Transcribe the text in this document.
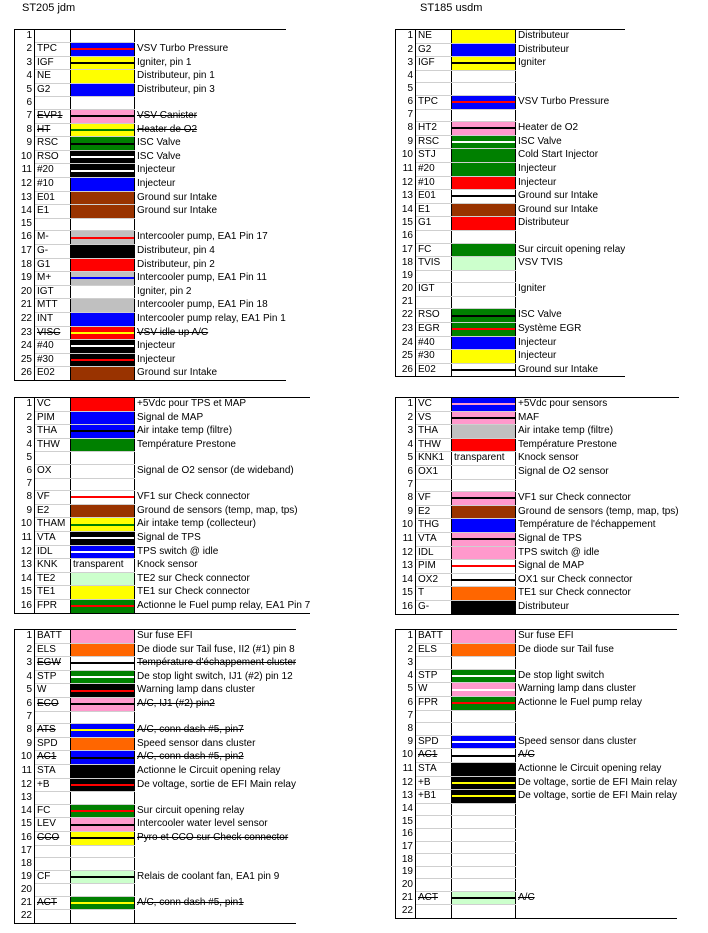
ST205 jdm	ST185 usdm
1			
2	TPC		VSV Turbo Pressure
3	IGF		Igniter, pin 1
4	NE		Distributeur, pin 1
5	G2		Distributeur, pin 3
6			
7	EVP1		VSV Canister
8	HT		Heater de O2
9	RSC		ISC Valve
10	RSO		ISC Valve
11	#20		Injecteur
12	#10		Injecteur
13	E01		Ground sur Intake
14	E1		Ground sur Intake
15			
16	M-		Intercooler pump, EA1 Pin 17
17	G-		Distributeur, pin 4
18	G1		Distributeur, pin 2
19	M+		Intercooler pump, EA1 Pin 11
20	IGT		Igniter, pin 2
21	MTT		Intercooler pump, EA1 Pin 18
22	INT		Intercooler pump relay, EA1 Pin 1
23	VISC		VSV idle up A/C
24	#40		Injecteur
25	#30		Injecteur
26	E02		Ground sur Intake
1	VC		+5Vdc pour TPS et MAP
2	PIM		Signal de MAP
3	THA		Air intake temp (filtre)
4	THW		Température Prestone
5			
6	OX		Signal de O2 sensor (de wideband)
7			
8	VF		VF1 sur Check connector
9	E2		Ground de sensors (temp, map, tps)
10	THAM		Air intake temp (collecteur)
11	VTA		Signal de TPS
12	IDL		TPS switch @ idle
13	KNK	transparent	Knock sensor
14	TE2		TE2 sur Check connector
15	TE1		TE1 sur Check connector
16	FPR		Actionne le Fuel pump relay, EA1 Pin 7
1	BATT		Sur fuse EFI
2	ELS		De diode sur Tail fuse, II2 (#1) pin 8
3	EGW		Température d'échappement cluster
4	STP		De stop light switch, IJ1 (#2) pin 12
5	W		Warning lamp dans cluster
6	ECO		A/C, IJ1 (#2) pin2
7			
8	ATS		A/C, conn dash #5, pin7
9	SPD		Speed sensor dans cluster
10	AC1		A/C, conn dash #5, pin2
11	STA		Actionne le Circuit opening relay
12	+B		De voltage, sortie de EFI Main relay
13			
14	FC		Sur circuit opening relay
15	LEV		Intercooler water level sensor
16	CCO		Pyro et CCO sur Check connector
17			
18			
19	CF		Relais de coolant fan, EA1 pin 9
20			
21	ACT		A/C, conn dash #5, pin1
22			
1	NE		Distributeur
2	G2		Distributeur
3	IGF		Igniter
4			
5			
6	TPC		VSV Turbo Pressure
7			
8	HT2		Heater de O2
9	RSC		ISC Valve
10	STJ		Cold Start Injector
11	#20		Injecteur
12	#10		Injecteur
13	E01		Ground sur Intake
14	E1		Ground sur Intake
15	G1		Distributeur
16			
17	FC		Sur circuit opening relay
18	TVIS		VSV TVIS
19			
20	IGT		Igniter
21			
22	RSO		ISC Valve
23	EGR		Système EGR
24	#40		Injecteur
25	#30		Injecteur
26	E02		Ground sur Intake
1	VC		+5Vdc pour sensors
2	VS		MAF
3	THA		Air intake temp (filtre)
4	THW		Température Prestone
5	KNK1	transparent	Knock sensor
6	OX1		Signal de O2 sensor
7			
8	VF		VF1 sur Check connector
9	E2		Ground de sensors (temp, map, tps)
10	THG		Température de l'échappement
11	VTA		Signal de TPS
12	IDL		TPS switch @ idle
13	PIM		Signal de MAP
14	OX2		OX1 sur Check connector
15	T		TE1 sur Check connector
16	G-		Distributeur
1	BATT		Sur fuse EFI
2	ELS		De diode sur Tail fuse
3			
4	STP		De stop light switch
5	W		Warning lamp dans cluster
6	FPR		Actionne le Fuel pump relay
7			
8			
9	SPD		Speed sensor dans cluster
10	AC1		A/C
11	STA		Actionne le Circuit opening relay
12	+B		De voltage, sortie de EFI Main relay
13	+B1		De voltage, sortie de EFI Main relay
14			
15			
16			
17			
18			
19			
20			
21	ACT		A/C
22			
